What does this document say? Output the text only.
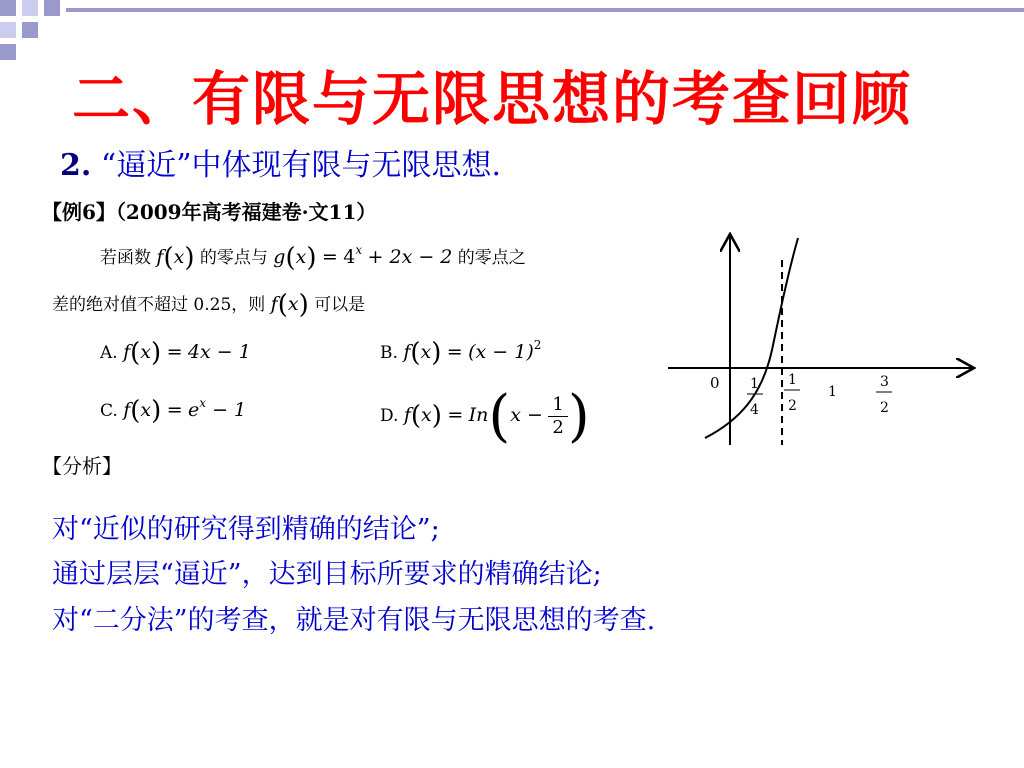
二、有限与无限思想的考查回顾
2. “逼近”中体现有限与无限思想.
【例6】（2009年高考福建卷·文11）
若函数 f(x) 的零点与 $g(x) = 4^x + 2x - 2$ 的零点之
差的绝对值不超过 0.25，则 f(x) 可以是
A. f(x) = 4x − 1	B. $f(x) = (x - 1)^2$
C. $f(x) = e^x - 1$	D. $f(x) = In(x - \frac{1}{2}$ )
0 1
4
1
2
1
3
2
【分析】
对“近似的研究得到精确的结论”;
通过层层“逼近”，达到目标所要求的精确结论;
对“二分法”的考查，就是对有限与无限思想的考查.
